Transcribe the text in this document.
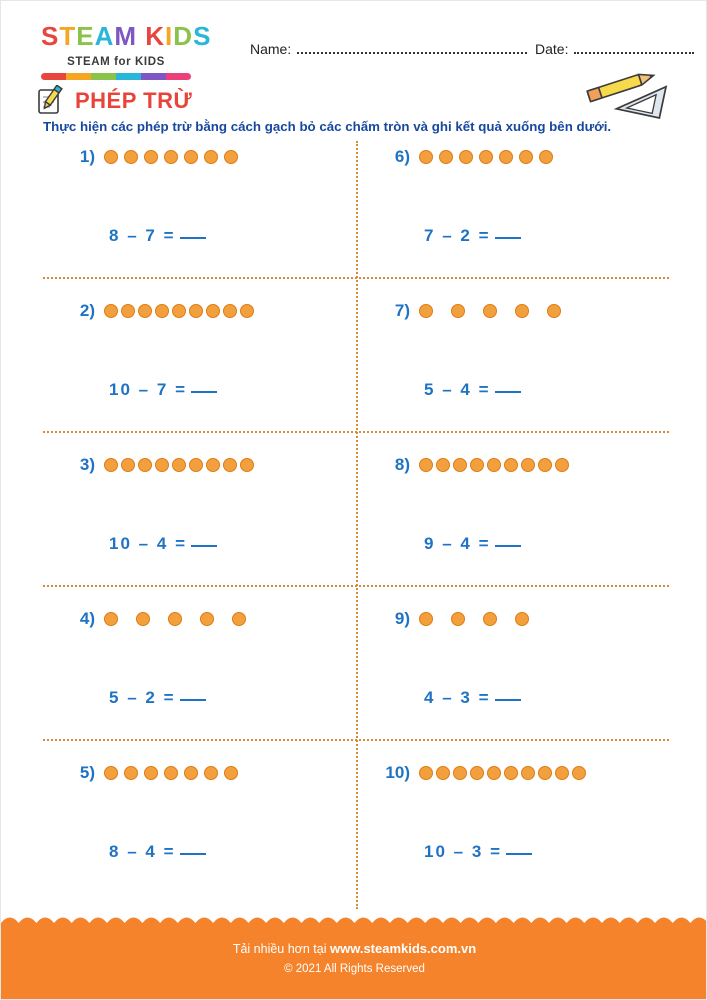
STEAM KIDS
STEAM for KIDS
Name:	Date:
PHÉP TRỪ
Thực hiện các phép trừ bằng cách gạch bỏ các chấm tròn và ghi kết quả xuống bên dưới.
1)
8 – 7 =
6)
7 – 2 =
2)
10 – 7 =
7)
5 – 4 =
3)
10 – 4 =
8)
9 – 4 =
4)
5 – 2 =
9)
4 – 3 =
5)
8 – 4 =
10)
10 – 3 =
Tải nhiều hơn tại www.steamkids.com.vn
© 2021 All Rights Reserved
